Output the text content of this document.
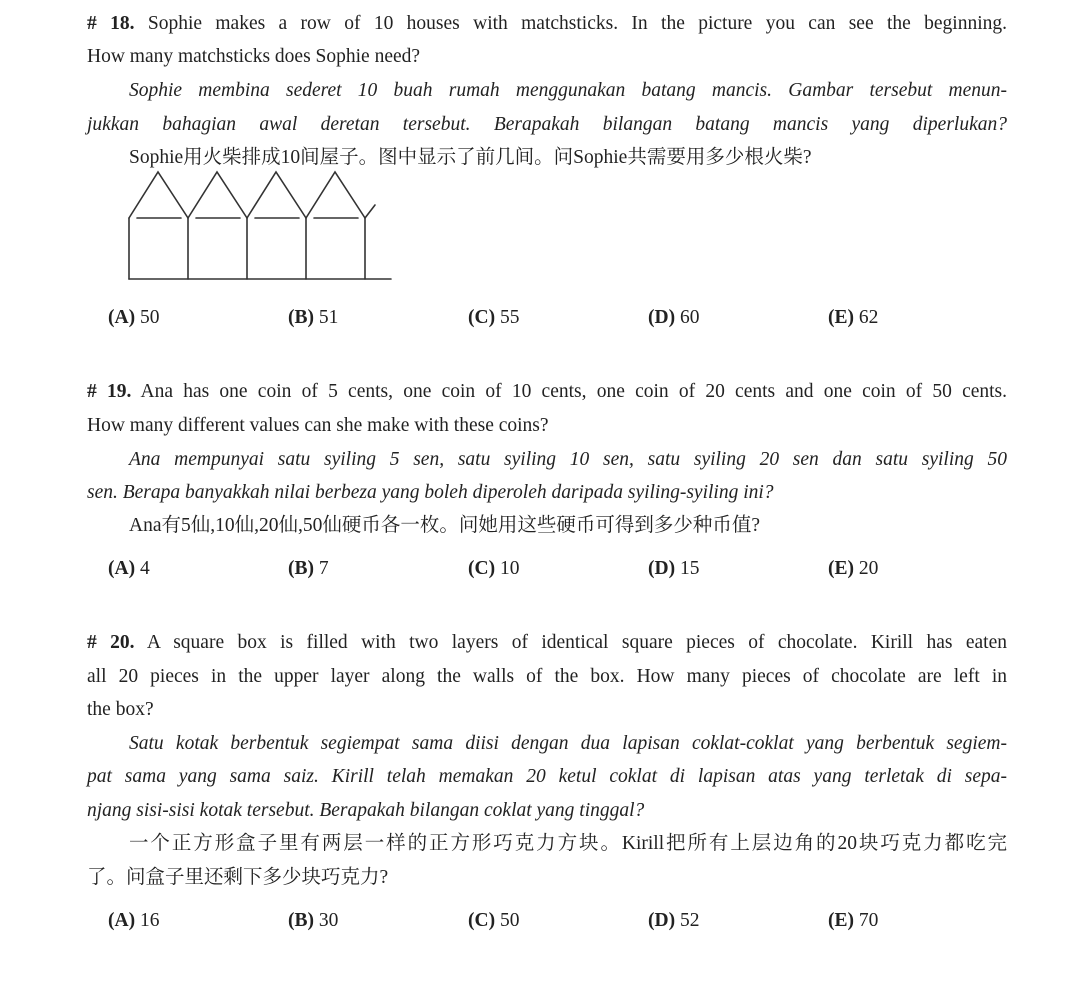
# 18. Sophie makes a row of 10 houses with matchsticks. In the picture you can see the beginning.
How many matchsticks does Sophie need?
Sophie membina sederet 10 buah rumah menggunakan batang mancis. Gambar tersebut menun-
jukkan bahagian awal deretan tersebut. Berapakah bilangan batang mancis yang diperlukan?
Sophie用火柴排成10间屋子。图中显示了前几间。问Sophie共需要用多少根火柴?
(A) 50	(B) 51	(C) 55	(D) 60	(E) 62
# 19. Ana has one coin of 5 cents, one coin of 10 cents, one coin of 20 cents and one coin of 50 cents.
How many different values can she make with these coins?
Ana mempunyai satu syiling 5 sen, satu syiling 10 sen, satu syiling 20 sen dan satu syiling 50
sen. Berapa banyakkah nilai berbeza yang boleh diperoleh daripada syiling-syiling ini?
Ana有5仙,10仙,20仙,50仙硬币各一枚。问她用这些硬币可得到多少种币值?
(A) 4	(B) 7	(C) 10	(D) 15	(E) 20
# 20. A square box is filled with two layers of identical square pieces of chocolate. Kirill has eaten
all 20 pieces in the upper layer along the walls of the box. How many pieces of chocolate are left in
the box?
Satu kotak berbentuk segiempat sama diisi dengan dua lapisan coklat-coklat yang berbentuk segiem-
pat sama yang sama saiz. Kirill telah memakan 20 ketul coklat di lapisan atas yang terletak di sepa-
njang sisi-sisi kotak tersebut. Berapakah bilangan coklat yang tinggal?
一个正方形盒子里有两层一样的正方形巧克力方块。Kirill把所有上层边角的20块巧克力都吃完
了。问盒子里还剩下多少块巧克力?
(A) 16	(B) 30	(C) 50	(D) 52	(E) 70
